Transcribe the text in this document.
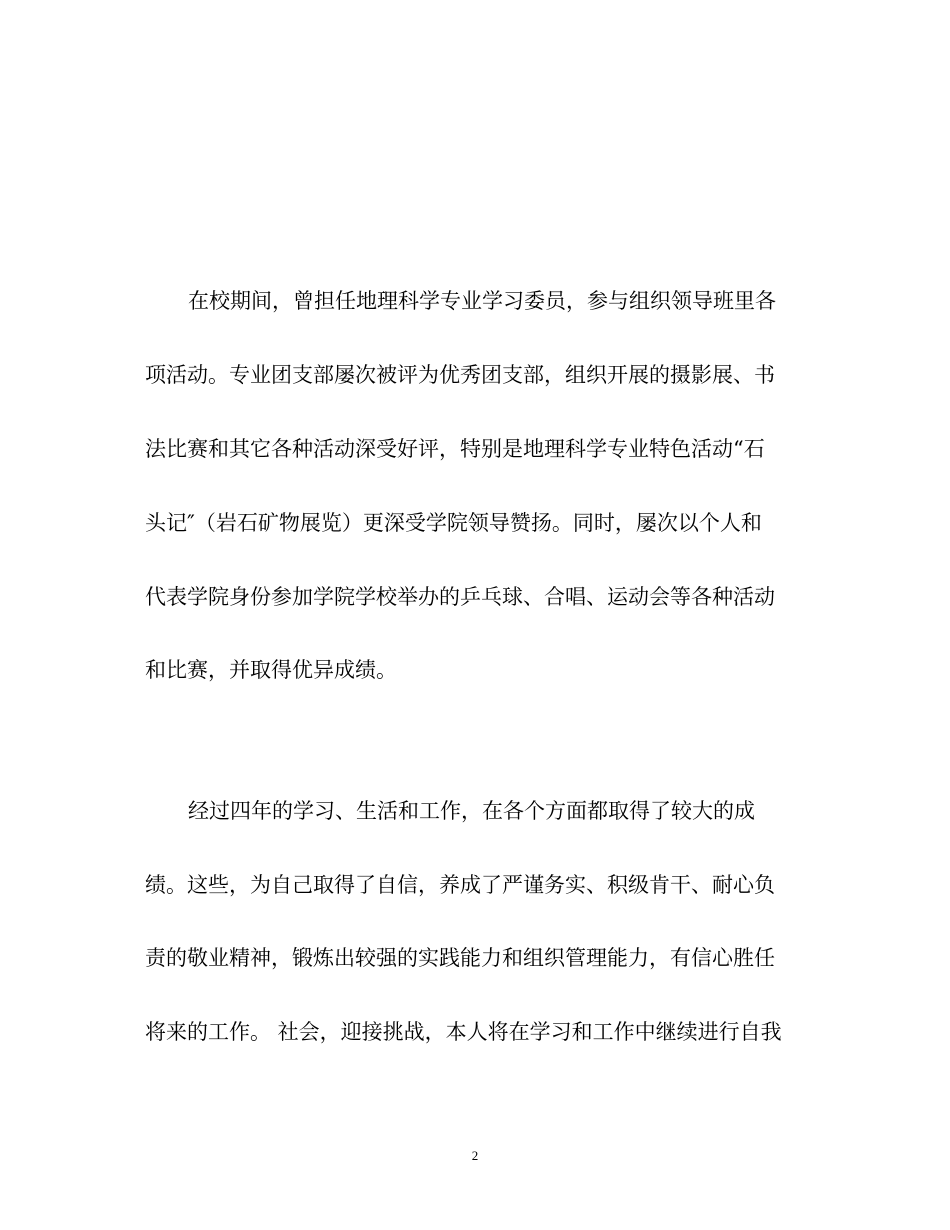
在校期间，曾担任地理科学专业学习委员，参与组织领导班里各
项活动。专业团支部屡次被评为优秀团支部，组织开展的摄影展、书
法比赛和其它各种活动深受好评，特别是地理科学专业特色活动“石
头记″（岩石矿物展览）更深受学院领导赞扬。同时，屡次以个人和
代表学院身份参加学院学校举办的乒乓球、合唱、运动会等各种活动
和比赛，并取得优异成绩。
经过四年的学习、生活和工作，在各个方面都取得了较大的成
绩。这些，为自己取得了自信，养成了严谨务实、积级肯干、耐心负
责的敬业精神，锻炼出较强的实践能力和组织管理能力，有信心胜任
将来的工作。 社会，迎接挑战，本人将在学习和工作中继续进行自我
2
